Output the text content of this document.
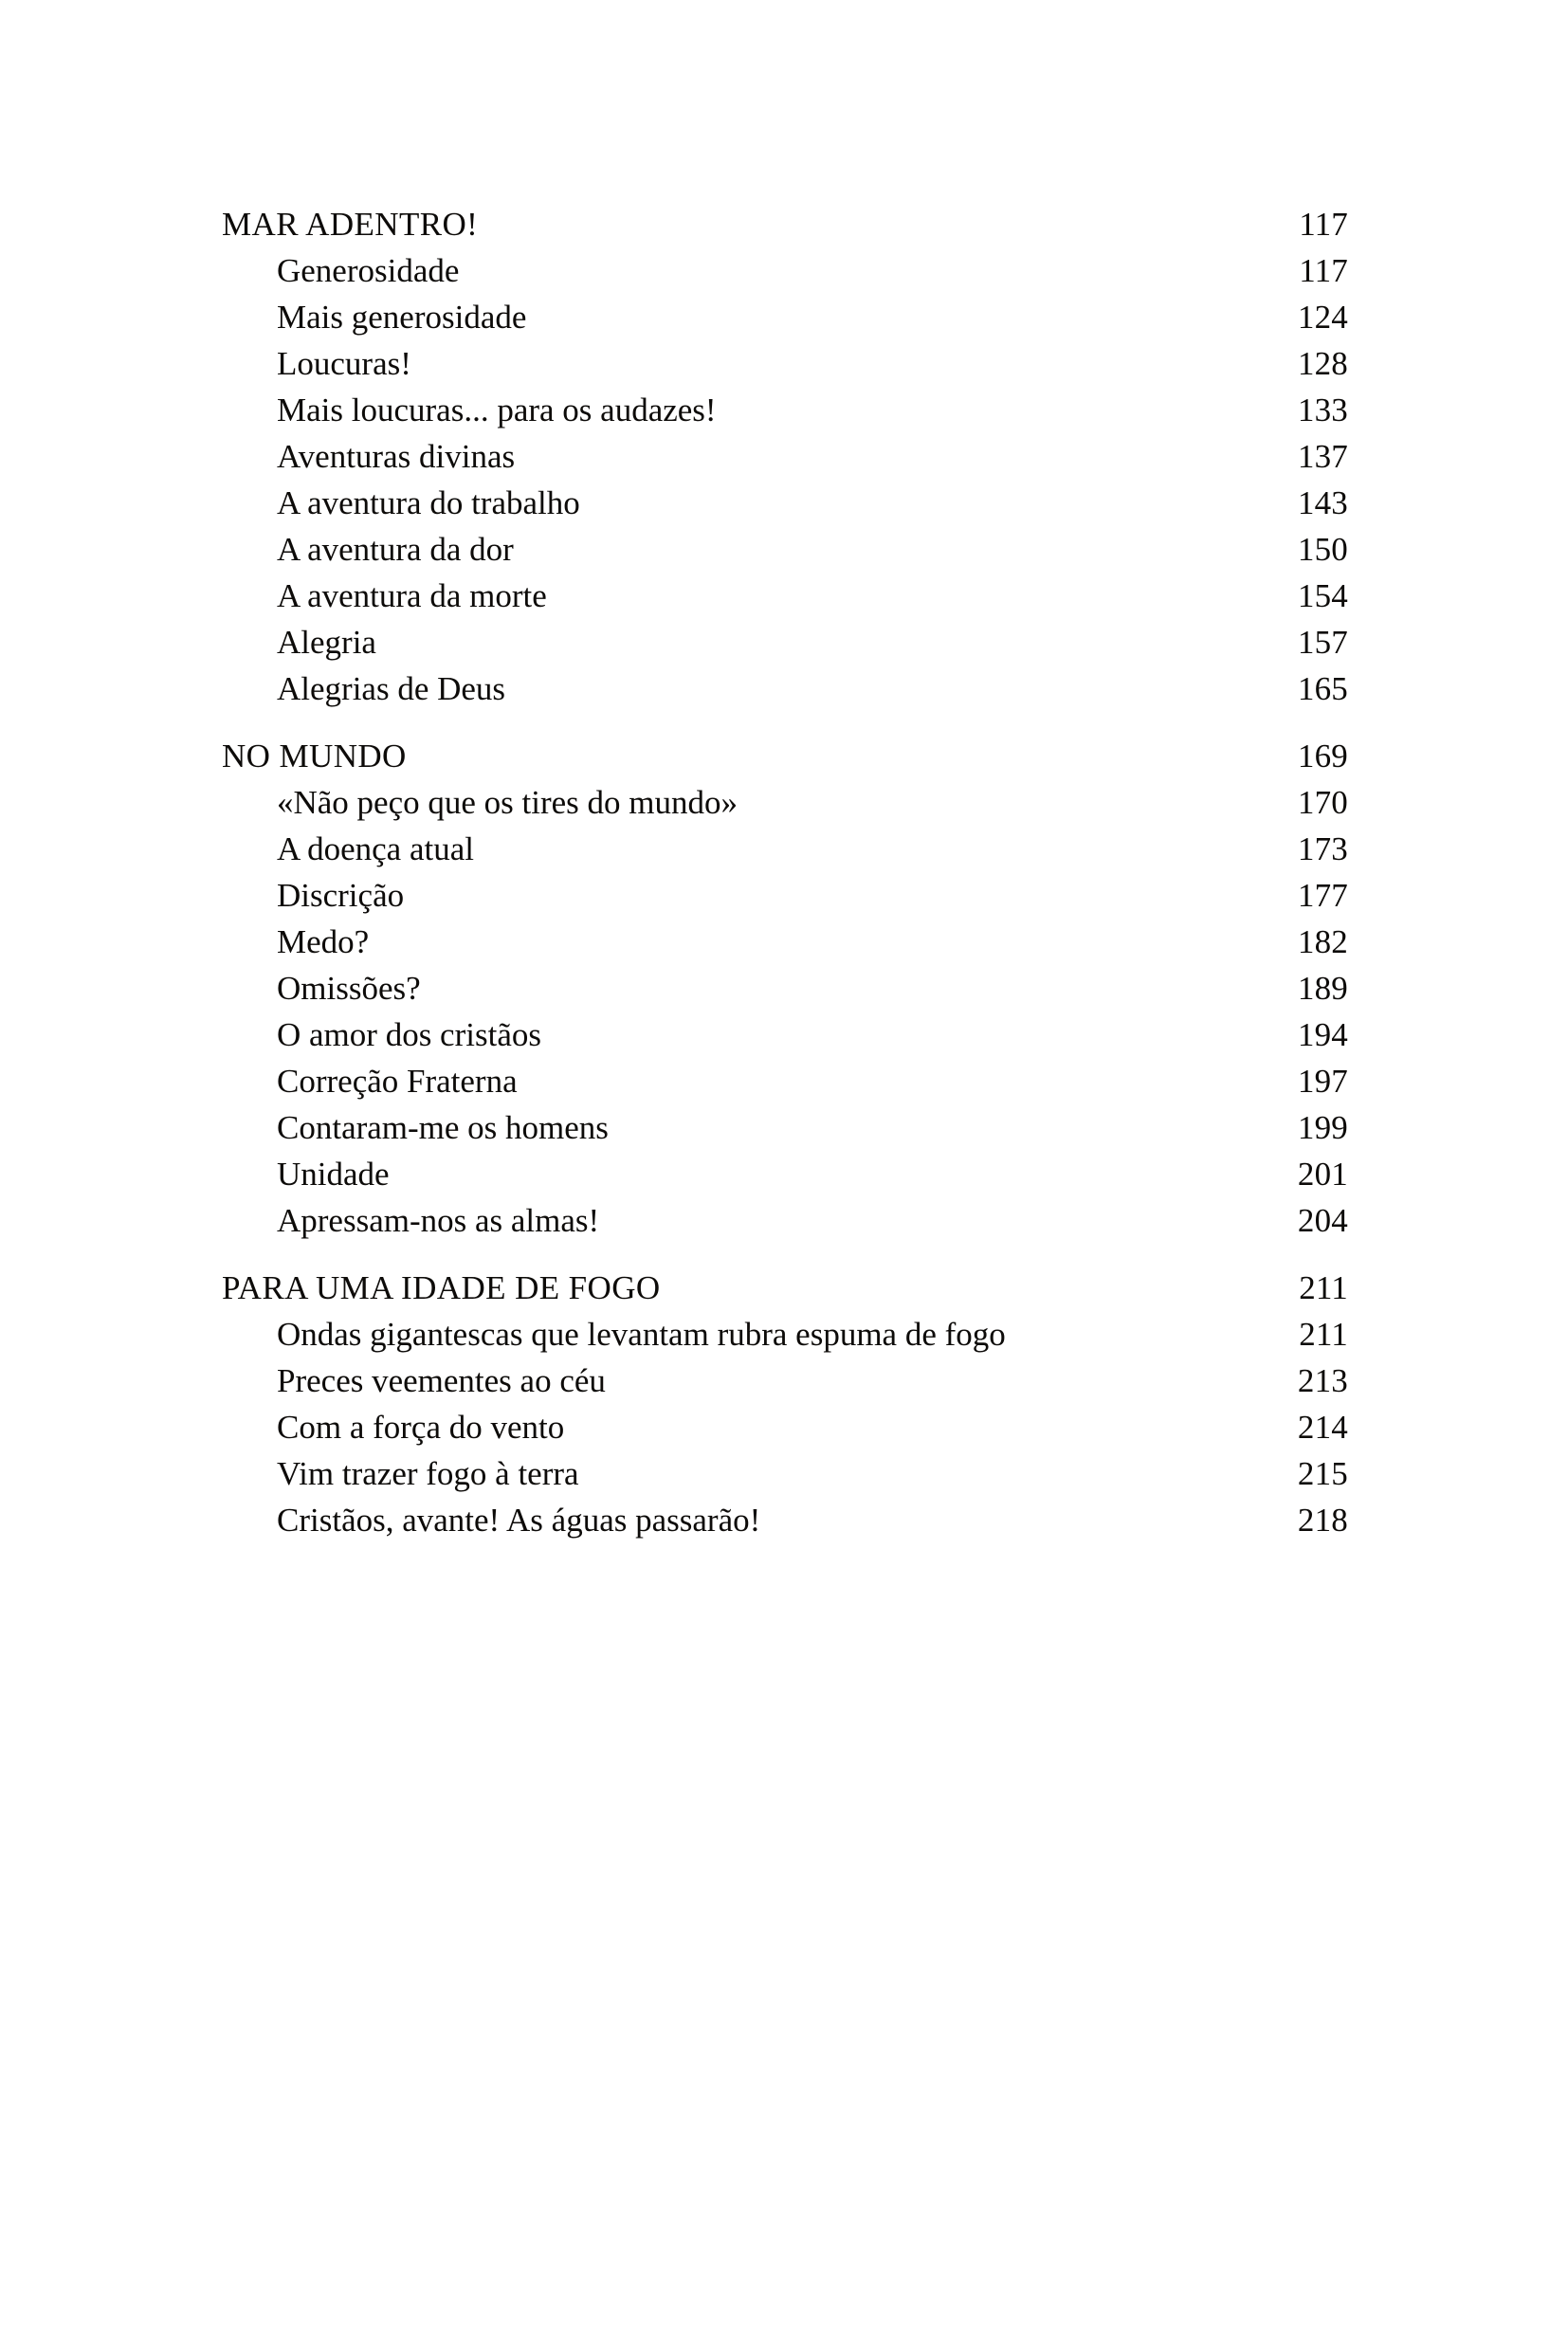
MAR ADENTRO!	117
Generosidade	117
Mais generosidade	124
Loucuras!	128
Mais loucuras... para os audazes!	133
Aventuras divinas	137
A aventura do trabalho	143
A aventura da dor	150
A aventura da morte	154
Alegria	157
Alegrias de Deus	165
NO MUNDO	169
«Não peço que os tires do mundo»	170
A doença atual	173
Discrição	177
Medo?	182
Omissões?	189
O amor dos cristãos	194
Correção Fraterna	197
Contaram-me os homens	199
Unidade	201
Apressam-nos as almas!	204
PARA UMA IDADE DE FOGO	211
Ondas gigantescas que levantam rubra espuma de fogo	211
Preces veementes ao céu	213
Com a força do vento	214
Vim trazer fogo à terra	215
Cristãos, avante! As águas passarão!	218
